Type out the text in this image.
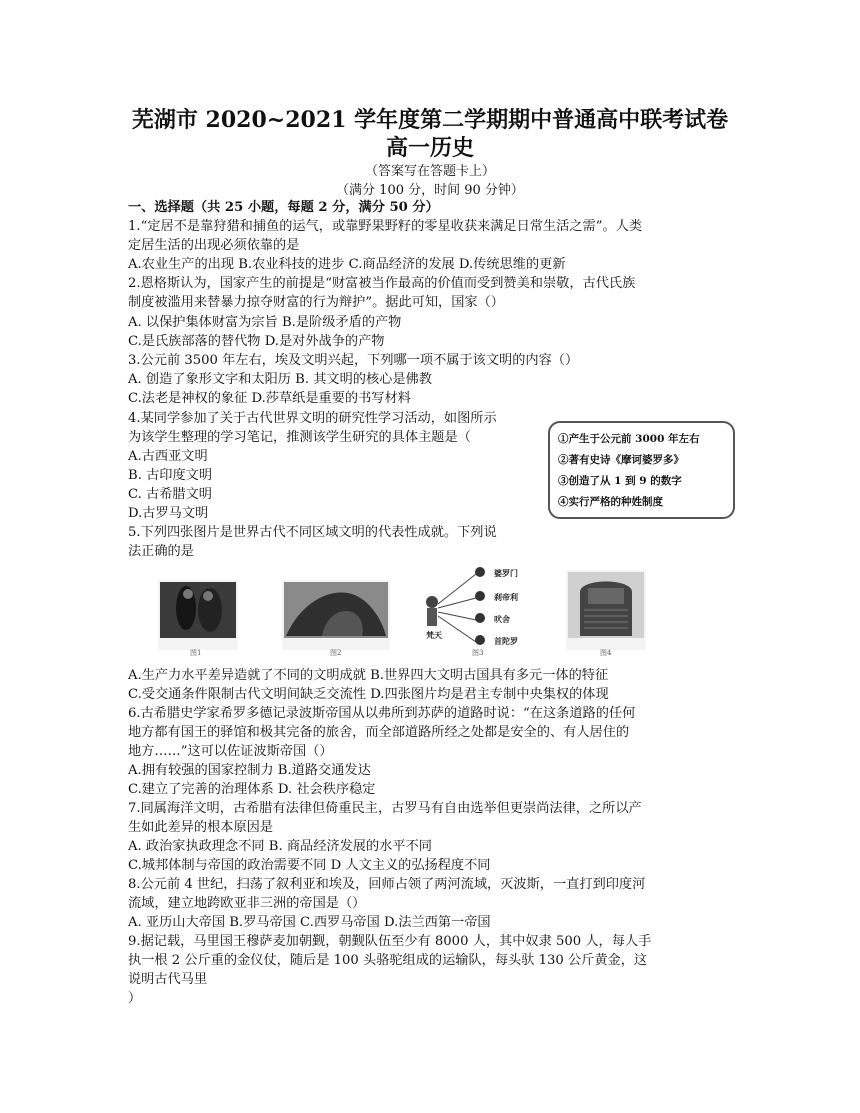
芜湖市 2020~2021 学年度第二学期期中普通高中联考试卷
高一历史
（答案写在答题卡上）
（满分 100 分，时间 90 分钟）
一、选择题（共 25 小题，每题 2 分，满分 50 分）
1.“定居不是靠狩猎和捕鱼的运气，或靠野果野籽的零星收获来满足日常生活之需”。人类
定居生活的出现必须依靠的是
A.农业生产的出现 B.农业科技的进步 C.商品经济的发展 D.传统思维的更新
2.恩格斯认为，国家产生的前提是“财富被当作最高的价值而受到赞美和崇敬，古代氏族
制度被滥用来替暴力掠夺财富的行为辩护”。据此可知，国家（）
A. 以保护集体财富为宗旨 B.是阶级矛盾的产物
C.是氏族部落的替代物 D.是对外战争的产物
3.公元前 3500 年左右，埃及文明兴起，下列哪一项不属于该文明的内容（）
A. 创造了象形文字和太阳历 B. 其文明的核心是佛教
C.法老是神权的象征 D.莎草纸是重要的书写材料
4.某同学参加了关于古代世界文明的研究性学习活动，如图所示
为该学生整理的学习笔记，推测该学生研究的具体主题是（
A.古西亚文明
B. 古印度文明
C. 古希腊文明
D.古罗马文明
5.下列四张图片是世界古代不同区域文明的代表性成就。下列说
法正确的是
①产生于公元前 3000 年左右
②著有史诗《摩诃婆罗多》
③创造了从 1 到 9 的数字
④实行严格的种姓制度
图1	图2
婆罗门
刹帝利
吠舍
首陀罗
梵天
图3	图4
A.生产力水平差异造就了不同的文明成就 B.世界四大文明古国具有多元一体的特征
C.受交通条件限制古代文明间缺乏交流性 D.四张图片均是君主专制中央集权的体现
6.古希腊史学家希罗多德记录波斯帝国从以弗所到苏萨的道路时说：“在这条道路的任何
地方都有国王的驿馆和极其完备的旅舍，而全部道路所经之处都是安全的、有人居住的
地方……”这可以佐证波斯帝国（）
A.拥有较强的国家控制力 B.道路交通发达
C.建立了完善的治理体系 D. 社会秩序稳定
7.同属海洋文明，古希腊有法律但倚重民主，古罗马有自由选举但更崇尚法律，之所以产
生如此差异的根本原因是
A. 政治家执政理念不同 B. 商品经济发展的水平不同
C.城邦体制与帝国的政治需要不同 D 人文主义的弘扬程度不同
8.公元前 4 世纪，扫荡了叙利亚和埃及，回师占领了两河流域，灭波斯，一直打到印度河
流域，建立地跨欧亚非三洲的帝国是（）
A. 亚历山大帝国 B.罗马帝国 C.西罗马帝国 D.法兰西第一帝国
9.据记载，马里国王穆萨麦加朝觐，朝觐队伍至少有 8000 人，其中奴隶 500 人，每人手
执一根 2 公斤重的金仪仗，随后是 100 头骆驼组成的运输队，每头驮 130 公斤黄金，这
说明古代马里
）
